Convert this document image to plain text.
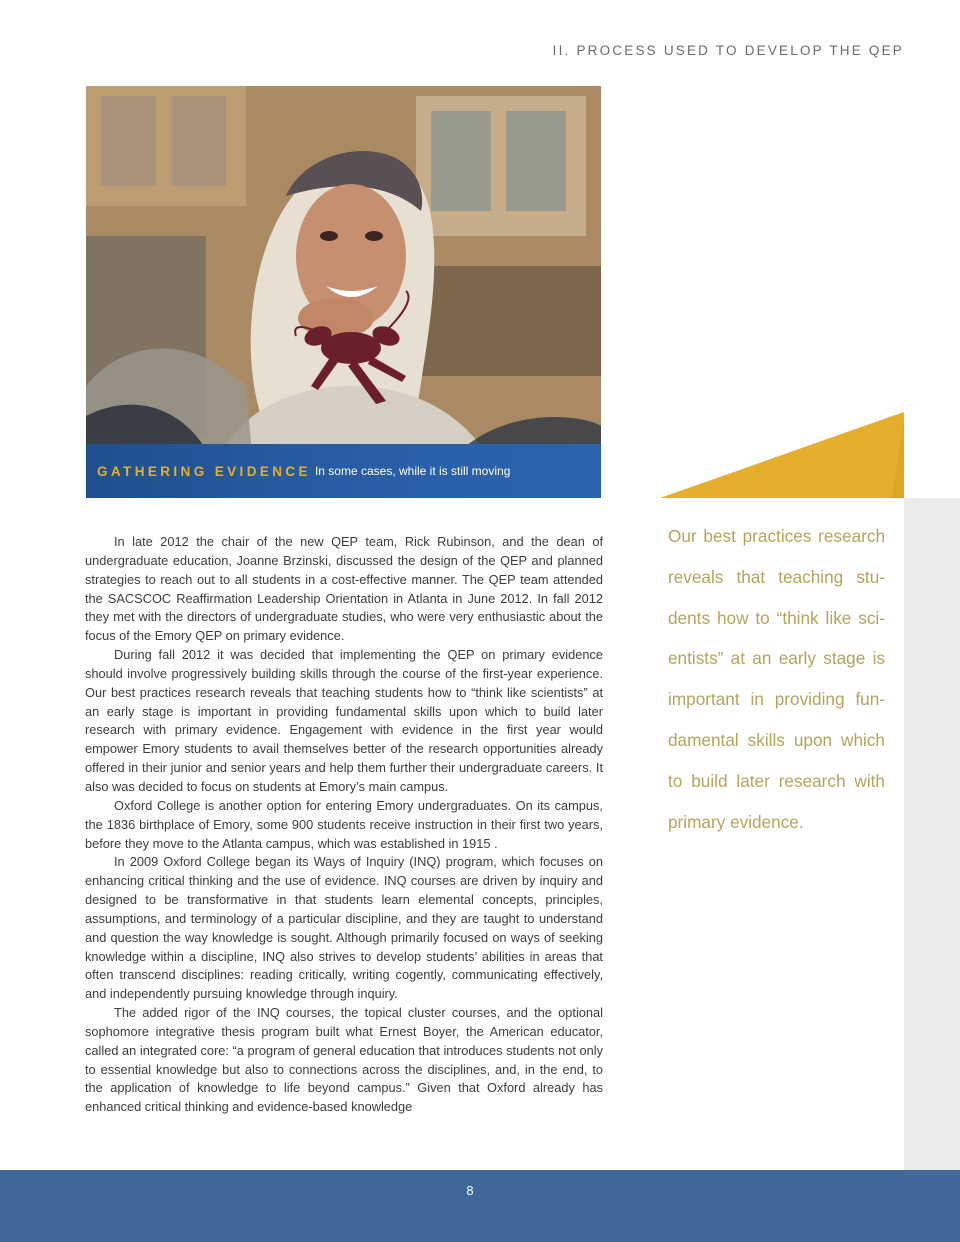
II. PROCESS USED TO DEVELOP THE QEP
GATHERING EVIDENCE In some cases, while it is still moving
Our best practices research reveals that teaching students how to “think like scientists” at an early stage is important in providing fundamental skills upon which to build later research with primary evidence.

In late 2012 the chair of the new QEP team, Rick Rubinson, and the dean of undergraduate education, Joanne Brzinski, discussed the design of the QEP and planned strategies to reach out to all students in a cost-effective manner. The QEP team attended the SACSCOC Reaffirmation Leadership Orientation in Atlanta in June 2012. In fall 2012 they met with the directors of undergraduate studies, who were very enthusiastic about the focus of the Emory QEP on primary evidence.

During fall 2012 it was decided that implementing the QEP on primary evidence should involve progressively building skills through the course of the first-year experience. Our best practices research reveals that teaching students how to “think like scientists” at an early stage is important in providing fundamental skills upon which to build later research with primary evidence. Engagement with evidence in the first year would empower Emory students to avail themselves better of the research opportunities already offered in their junior and senior years and help them further their undergraduate careers. It also was decided to focus on students at Emory’s main campus.

Oxford College is another option for entering Emory undergraduates. On its campus, the 1836 birthplace of Emory, some 900 students receive instruction in their first two years, before they move to the Atlanta campus, which was established in 1915 .

In 2009 Oxford College began its Ways of Inquiry (INQ) program, which focuses on enhancing critical thinking and the use of evidence. INQ courses are driven by inquiry and designed to be transformative in that students learn elemental concepts, principles, assumptions, and terminology of a particular discipline, and they are taught to understand and question the way knowledge is sought. Although primarily focused on ways of seeking knowledge within a discipline, INQ also strives to develop students’ abilities in areas that often transcend disciplines: reading critically, writing cogently, communicating effectively, and independently pursuing knowledge through inquiry.

The added rigor of the INQ courses, the topical cluster courses, and the optional sophomore integrative thesis program built what Ernest Boyer, the American educator, called an integrated core: “a program of general education that introduces students not only to essential knowledge but also to connections across the disciplines, and, in the end, to the application of knowledge to life beyond campus.” Given that Oxford already has enhanced critical thinking and evidence-based knowledge

8
